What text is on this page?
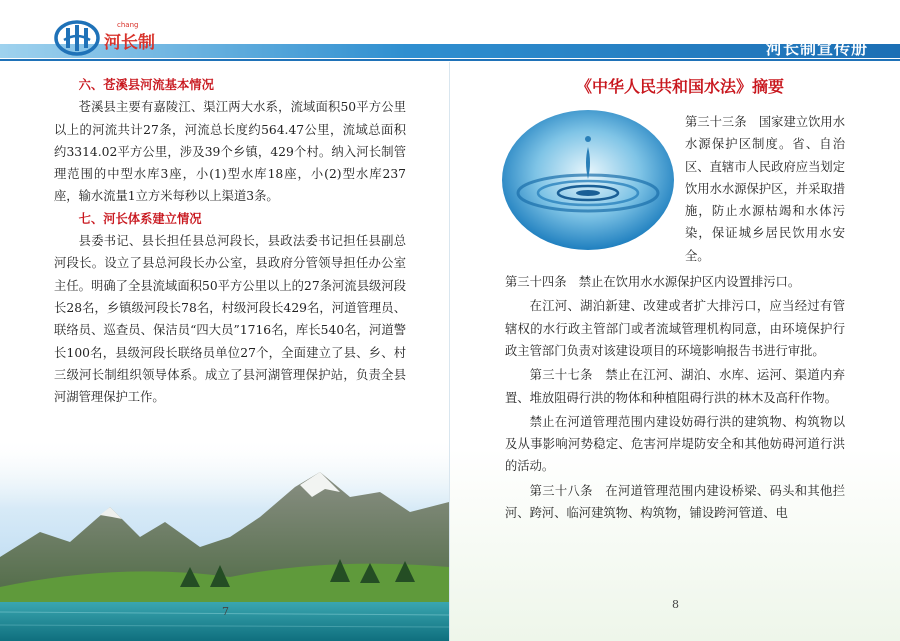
chang
河长制	河长制宣传册
六、苍溪县河流基本情况

苍溪县主要有嘉陵江、渠江两大水系，流域面积50平方公里以上的河流共计27条，河流总长度约564.47公里，流域总面积约3314.02平方公里，涉及39个乡镇，429个村。纳入河长制管理范围的中型水库3座，小(1)型水库18座，小(2)型水库237座，输水流量1立方米每秒以上渠道3条。

七、河长体系建立情况

县委书记、县长担任县总河段长，县政法委书记担任县副总河段长。设立了县总河段长办公室，县政府分管领导担任办公室主任。明确了全县流域面积50平方公里以上的27条河流县级河段长28名，乡镇级河段长78名，村级河段长429名，河道管理员、联络员、巡查员、保洁员“四大员”1716名，库长540名，河道警长100名，县级河段长联络员单位27个，全面建立了县、乡、村三级河长制组织领导体系。成立了县河湖管理保护站，负责全县河湖管理保护工作。

7
《中华人民共和国水法》摘要

第三十三条　国家建立饮用水水源保护区制度。省、自治区、直辖市人民政府应当划定饮用水水源保护区，并采取措施，防止水源枯竭和水体污染，保证城乡居民饮用水安全。

第三十四条　禁止在饮用水水源保护区内设置排污口。

在江河、湖泊新建、改建或者扩大排污口，应当经过有管辖权的水行政主管部门或者流域管理机构同意，由环境保护行政主管部门负责对该建设项目的环境影响报告书进行审批。

第三十七条　禁止在江河、湖泊、水库、运河、渠道内弃置、堆放阻碍行洪的物体和种植阻碍行洪的林木及高秆作物。

禁止在河道管理范围内建设妨碍行洪的建筑物、构筑物以及从事影响河势稳定、危害河岸堤防安全和其他妨碍河道行洪的活动。

第三十八条　在河道管理范围内建设桥梁、码头和其他拦河、跨河、临河建筑物、构筑物，铺设跨河管道、电

8
